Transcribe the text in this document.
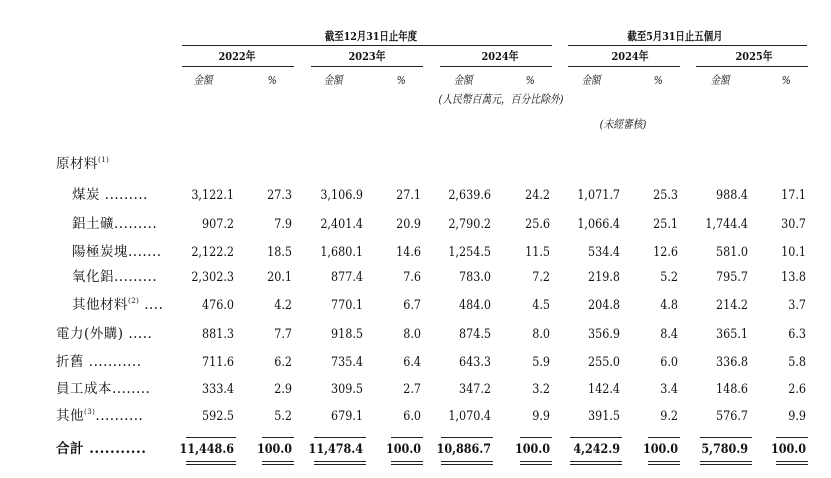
截至12月31日止年度	截至5月31日止五個月
2022年	2023年	2024年	2024年	2025年
金額	%	金額	%	金額	%	金額	%	金額	%
(人民幣百萬元，百分比除外)
(未經審核)
原材料$^{(1)}$
煤炭 .........	3,122.1	27.3	3,106.9	27.1	2,639.6	24.2	1,071.7	25.3	988.4	17.1
鋁土礦.........	907.2	7.9	2,401.4	20.9	2,790.2	25.6	1,066.4	25.1	1,744.4	30.7
陽極炭塊.......	2,122.2	18.5	1,680.1	14.6	1,254.5	11.5	534.4	12.6	581.0	10.1
氧化鋁.........	2,302.3	20.1	877.4	7.6	783.0	7.2	219.8	5.2	795.7	13.8
其他材料$^{(2)}$ ....	476.0	4.2	770.1	6.7	484.0	4.5	204.8	4.8	214.2	3.7
電力(外購) .....	881.3	7.7	918.5	8.0	874.5	8.0	356.9	8.4	365.1	6.3
折舊 ...........	711.6	6.2	735.4	6.4	643.3	5.9	255.0	6.0	336.8	5.8
員工成本........	333.4	2.9	309.5	2.7	347.2	3.2	142.4	3.4	148.6	2.6
其他$^{(3)}$..........	592.5	5.2	679.1	6.0	1,070.4	9.9	391.5	9.2	576.7	9.9
合計 ...........	11,448.6	100.0	11,478.4	100.0	10,886.7	100.0	4,242.9	100.0	5,780.9	100.0
